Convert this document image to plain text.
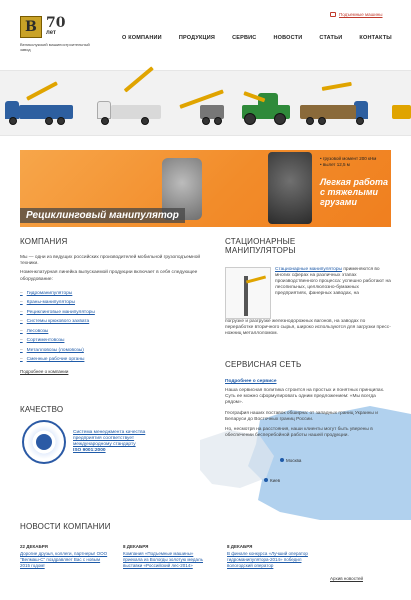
В 70
лет
Великолукский машиностроительный завод
Подъемные машины
О КОМПАНИИ	ПРОДУКЦИЯ	СЕРВИС	НОВОСТИ	СТАТЬИ	КОНТАКТЫ
Рециклинговый манипулятор
• грузовой момент 200 кНм
• вылет 12,5 м
Легкая работа с тяжелыми грузами
КОМПАНИЯ
Мы — одни из ведущих российских производителей мобильной грузоподъемной техники.
Номенклатурная линейка выпускаемой продукции включает в себя следующее оборудование:
– Гидроманипуляторы
– Краны-манипуляторы
– Рециклинговые манипуляторы
– Системы крюкового захвата
– Лесовозы
– Сортиментовозы
– Металловозы (ломовозы)
– Сменные рабочие органы
Подробнее о компании
КАЧЕСТВО
Система менеджмента качества предприятия соответствует международному стандарту
ISO 9001:2000
СТАЦИОНАРНЫЕ МАНИПУЛЯТОРЫ
Стационарные манипуляторы применяются во многих сферах на различных этапах производственного процесса: успешно работают на лесопильных, целлюлозно-бумажных предприятиях, фанерных заводах, на
погрузке и разгрузке железнодорожных вагонов, на заводах по переработке вторичного сырья, широко используются для загрузки пресс-ножниц металлоломом.
Москва
Киев
СЕРВИСНАЯ СЕТЬ
Подробнее о сервисе
Наша сервисная политика строится на простых и понятных принципах. Суть ее можно сформулировать одним предложением: «Мы всегда рядом».
География наших поставок обширна: от западных границ Украины и Беларуси до Восточных границ России.
Но, несмотря на расстояния, наши клиенты могут быть уверены в обеспечении бесперебойной работы нашей продукции.
НОВОСТИ КОМПАНИИ
22 ДЕКАБРЯ
Дорогие друзья, коллеги, партнеры! ООО "Велмаш-С" поздравляет Вас с новым 2015 годом!
8 ДЕКАБРЯ
Компания «Подъемные машины» приехала из Вологды золотую медаль выставки «Российский лес-2014»
8 ДЕКАБРЯ
В финале конкурса «Лучший оператор гидроманипулятора-2014» победил вологодский оператор
Архив новостей
